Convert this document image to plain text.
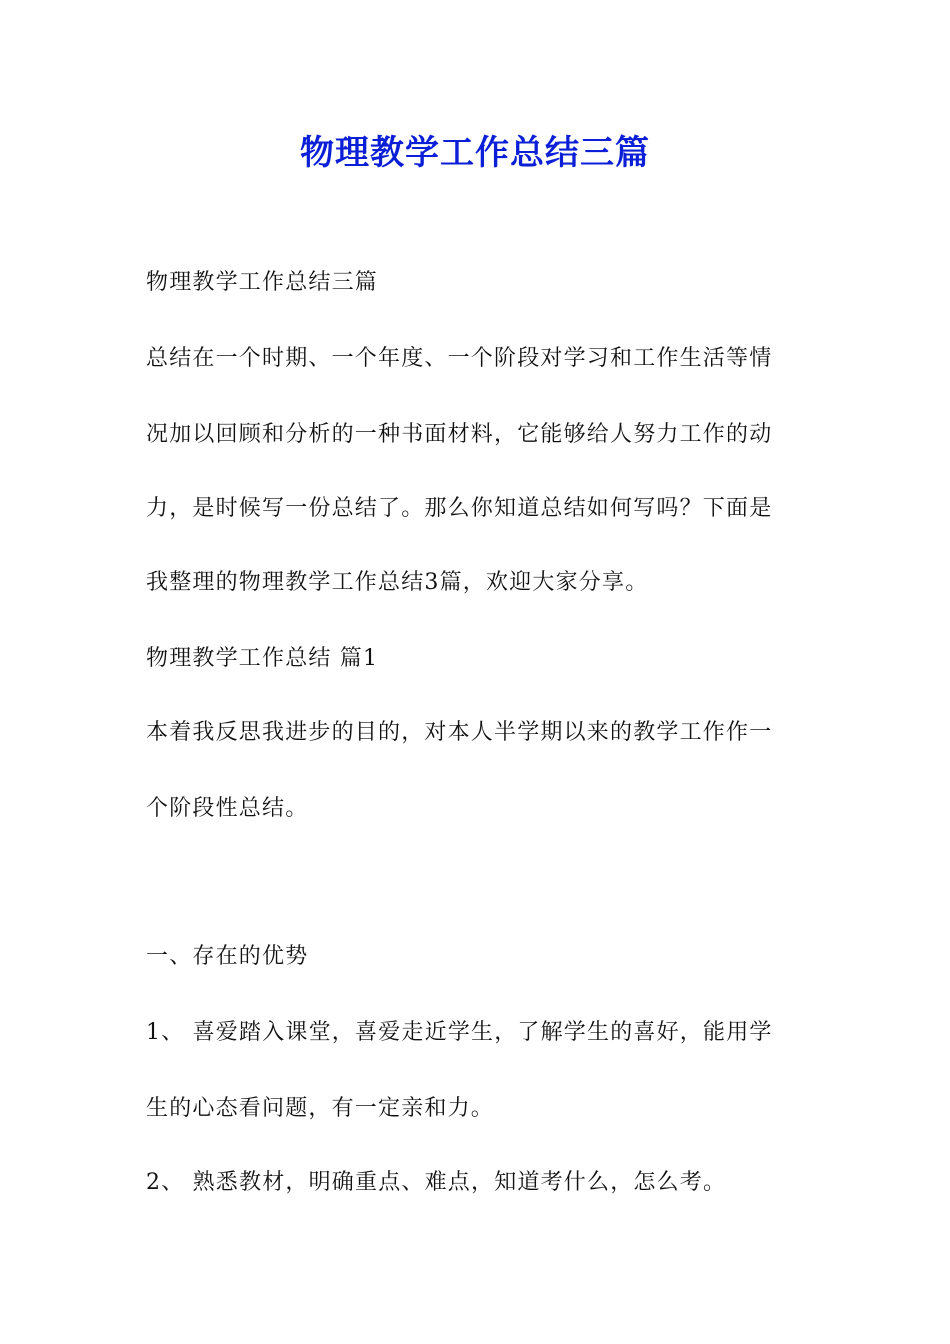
物理教学工作总结三篇
物理教学工作总结三篇
总结在一个时期、一个年度、一个阶段对学习和工作生活等情
况加以回顾和分析的一种书面材料，它能够给人努力工作的动
力，是时候写一份总结了。那么你知道总结如何写吗？下面是
我整理的物理教学工作总结3篇，欢迎大家分享。
物理教学工作总结 篇1
本着我反思我进步的目的，对本人半学期以来的教学工作作一
个阶段性总结。
一、存在的优势
1、 喜爱踏入课堂，喜爱走近学生，了解学生的喜好，能用学
生的心态看问题，有一定亲和力。
2、 熟悉教材，明确重点、难点，知道考什么，怎么考。
